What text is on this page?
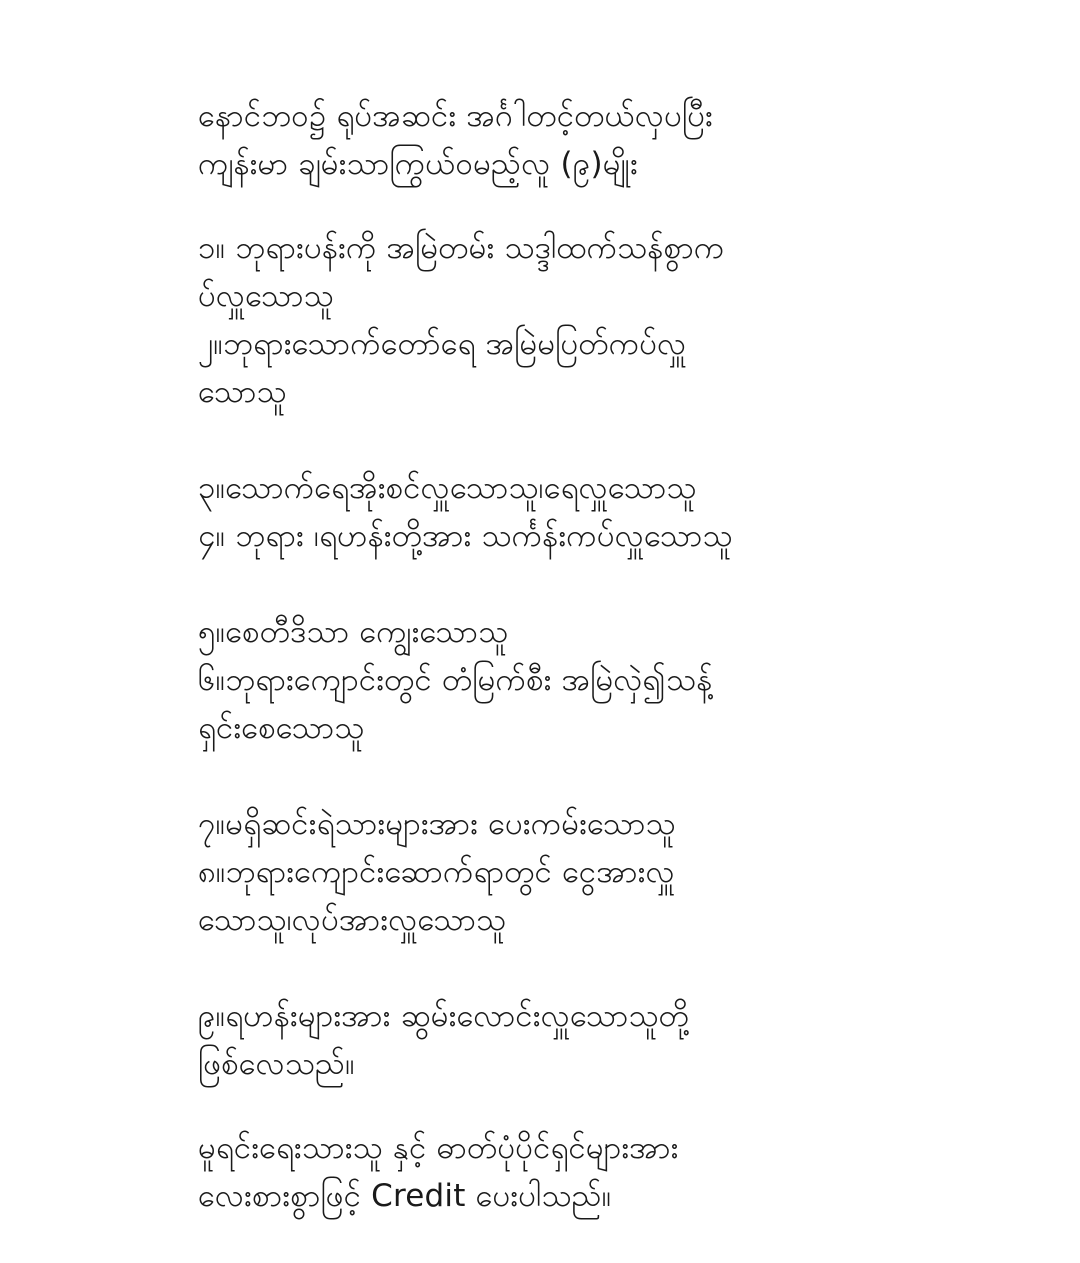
နောင်ဘဝ၌ ရုပ်အဆင်း အင်္ဂါတင့်တယ်လှပပြီး
ကျန်းမာ ချမ်းသာကြွယ်ဝမည့်လူ (၉)မျိုး

၁။ ဘုရားပန်းကို အမြဲတမ်း သဒ္ဒါထက်သန်စွာက
ပ်လှူသောသူ
၂။ဘုရားသောက်တော်ရေ အမြဲမပြတ်ကပ်လှူ
သောသူ

၃။သောက်ရေအိုးစင်လှူသောသူ၊ရေလှူသောသူ
၄။ ဘုရား ၊ရဟန်းတို့အား သင်္ကန်းကပ်လှူသောသူ

၅။စေတီဒိသာ ကျွေးသောသူ
၆။ဘုရားကျောင်းတွင် တံမြက်စီး အမြဲလှဲ၍သန့်
ရှင်းစေသောသူ

၇။မရှိဆင်းရဲသားများအား ပေးကမ်းသောသူ
၈။ဘုရားကျောင်းဆောက်ရာတွင် ငွေအားလှူ
သောသူ၊လုပ်အားလှူသောသူ

၉။ရဟန်းများအား ဆွမ်းလောင်းလှူသောသူတို့
ဖြစ်လေသည်။

မူရင်းရေးသားသူ နှင့် ဓာတ်ပုံပိုင်ရှင်များအား
လေးစားစွာဖြင့် Credit ပေးပါသည်။
